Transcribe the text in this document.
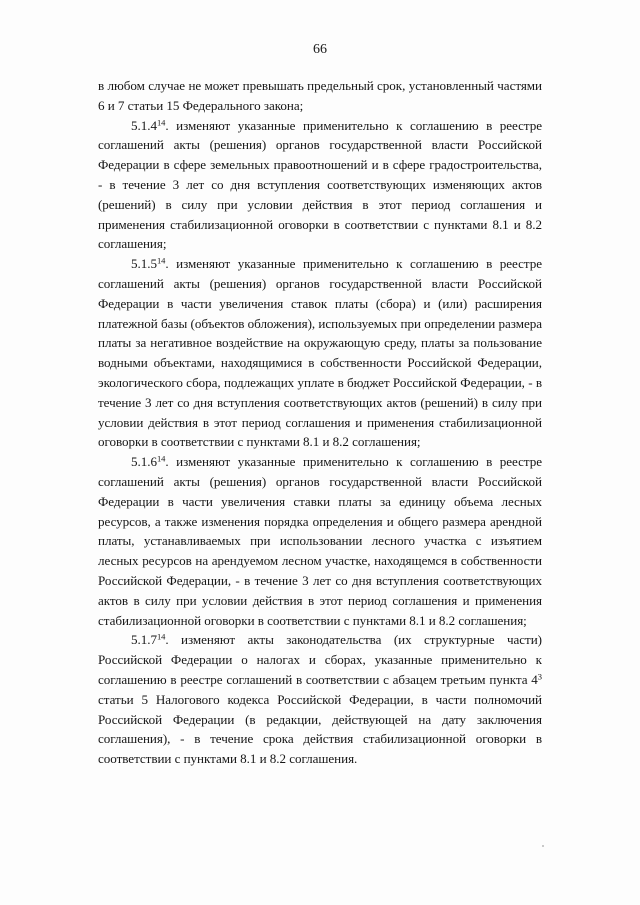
66

в любом случае не может превышать предельный срок, установленный частями 6 и 7 статьи 15 Федерального закона;

5.1.4$^{14}$. изменяют указанные применительно к соглашению в реестре соглашений акты (решения) органов государственной власти Российской Федерации в сфере земельных правоотношений и в сфере градостроительства, - в течение 3 лет со дня вступления соответствующих изменяющих актов (решений) в силу при условии действия в этот период соглашения и применения стабилизационной оговорки в соответствии с пунктами 8.1 и 8.2 соглашения;

5.1.5$^{14}$. изменяют указанные применительно к соглашению в реестре соглашений акты (решения) органов государственной власти Российской Федерации в части увеличения ставок платы (сбора) и (или) расширения платежной базы (объектов обложения), используемых при определении размера платы за негативное воздействие на окружающую среду, платы за пользование водными объектами, находящимися в собственности Российской Федерации, экологического сбора, подлежащих уплате в бюджет Российской Федерации, - в течение 3 лет со дня вступления соответствующих актов (решений) в силу при условии действия в этот период соглашения и применения стабилизационной оговорки в соответствии с пунктами 8.1 и 8.2 соглашения;

5.1.6$^{14}$. изменяют указанные применительно к соглашению в реестре соглашений акты (решения) органов государственной власти Российской Федерации в части увеличения ставки платы за единицу объема лесных ресурсов, а также изменения порядка определения и общего размера арендной платы, устанавливаемых при использовании лесного участка с изъятием лесных ресурсов на арендуемом лесном участке, находящемся в собственности Российской Федерации, - в течение 3 лет со дня вступления соответствующих актов в силу при условии действия в этот период соглашения и применения стабилизационной оговорки в соответствии с пунктами 8.1 и 8.2 соглашения;

5.1.7$^{14}$. изменяют акты законодательства (их структурные части) Российской Федерации о налогах и сборах, указанные применительно к соглашению в реестре соглашений в соответствии с абзацем третьим пункта $4^3$ статьи 5 Налогового кодекса Российской Федерации, в части полномочий Российской Федерации (в редакции, действующей на дату заключения соглашения), - в течение срока действия стабилизационной оговорки в соответствии с пунктами 8.1 и 8.2 соглашения.
